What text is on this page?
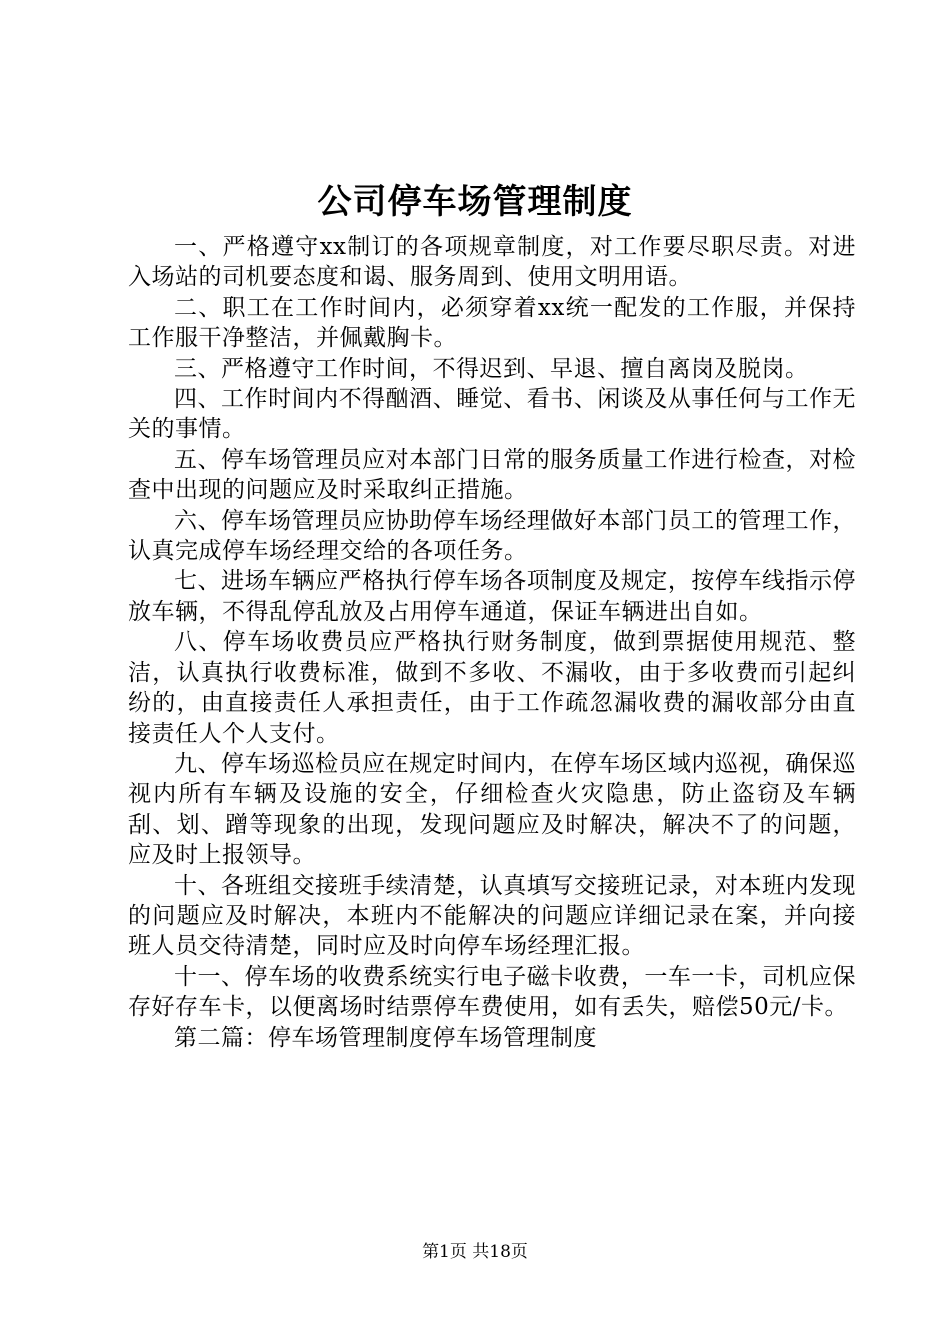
公司停车场管理制度

一、严格遵守xx制订的各项规章制度，对工作要尽职尽责。对进入场站的司机要态度和谒、服务周到、使用文明用语。

二、职工在工作时间内，必须穿着xx统一配发的工作服，并保持工作服干净整洁，并佩戴胸卡。

三、严格遵守工作时间，不得迟到、早退、擅自离岗及脱岗。

四、工作时间内不得酗酒、睡觉、看书、闲谈及从事任何与工作无关的事情。

五、停车场管理员应对本部门日常的服务质量工作进行检查，对检查中出现的问题应及时采取纠正措施。

六、停车场管理员应协助停车场经理做好本部门员工的管理工作，认真完成停车场经理交给的各项任务。

七、进场车辆应严格执行停车场各项制度及规定，按停车线指示停放车辆，不得乱停乱放及占用停车通道，保证车辆进出自如。

八、停车场收费员应严格执行财务制度，做到票据使用规范、整洁，认真执行收费标准，做到不多收、不漏收，由于多收费而引起纠纷的，由直接责任人承担责任，由于工作疏忽漏收费的漏收部分由直接责任人个人支付。

九、停车场巡检员应在规定时间内，在停车场区域内巡视，确保巡视内所有车辆及设施的安全，仔细检查火灾隐患，防止盗窃及车辆刮、划、蹭等现象的出现，发现问题应及时解决，解决不了的问题，应及时上报领导。

十、各班组交接班手续清楚，认真填写交接班记录，对本班内发现的问题应及时解决，本班内不能解决的问题应详细记录在案，并向接班人员交待清楚，同时应及时向停车场经理汇报。

十一、停车场的收费系统实行电子磁卡收费，一车一卡，司机应保存好存车卡，以便离场时结票停车费使用，如有丢失，赔偿50元/卡。

第二篇：停车场管理制度停车场管理制度

第1页 共18页
